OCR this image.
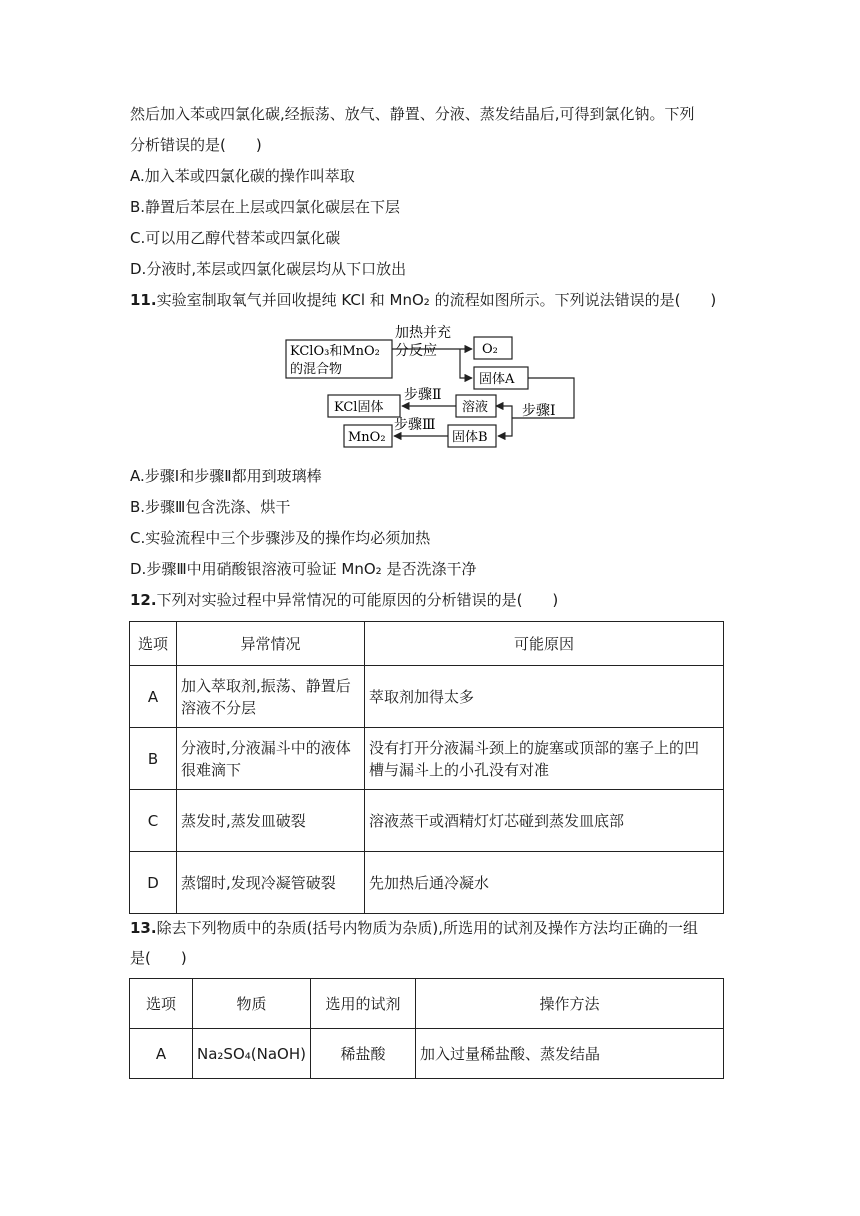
然后加入苯或四氯化碳,经振荡、放气、静置、分液、蒸发结晶后,可得到氯化钠。下列
分析错误的是(　　)
A.加入苯或四氯化碳的操作叫萃取
B.静置后苯层在上层或四氯化碳层在下层
C.可以用乙醇代替苯或四氯化碳
D.分液时,苯层或四氯化碳层均从下口放出
11.实验室制取氧气并回收提纯 KCl 和 MnO₂ 的流程如图所示。下列说法错误的是(　　)
KClO₃和MnO₂
的混合物
加热并充
分反应	O₂
固体A
步骤Ⅰ
溶液
步骤Ⅱ
KCl固体
固体B
步骤Ⅲ
MnO₂
A.步骤Ⅰ和步骤Ⅱ都用到玻璃棒
B.步骤Ⅲ包含洗涤、烘干
C.实验流程中三个步骤涉及的操作均必须加热
D.步骤Ⅲ中用硝酸银溶液可验证 MnO₂ 是否洗涤干净
12.下列对实验过程中异常情况的可能原因的分析错误的是(　　)
选项	异常情况	可能原因
A	加入萃取剂,振荡、静置后
溶液不分层	萃取剂加得太多

B	分液时,分液漏斗中的液体
很难滴下	没有打开分液漏斗颈上的旋塞或顶部的塞子上的凹
槽与漏斗上的小孔没有对准

C	蒸发时,蒸发皿破裂	溶液蒸干或酒精灯灯芯碰到蒸发皿底部

D	蒸馏时,发现冷凝管破裂	先加热后通冷凝水
13.除去下列物质中的杂质(括号内物质为杂质),所选用的试剂及操作方法均正确的一组
是(　　)
选项	物质	选用的试剂	操作方法
A	Na₂SO₄(NaOH)	稀盐酸	加入过量稀盐酸、蒸发结晶
